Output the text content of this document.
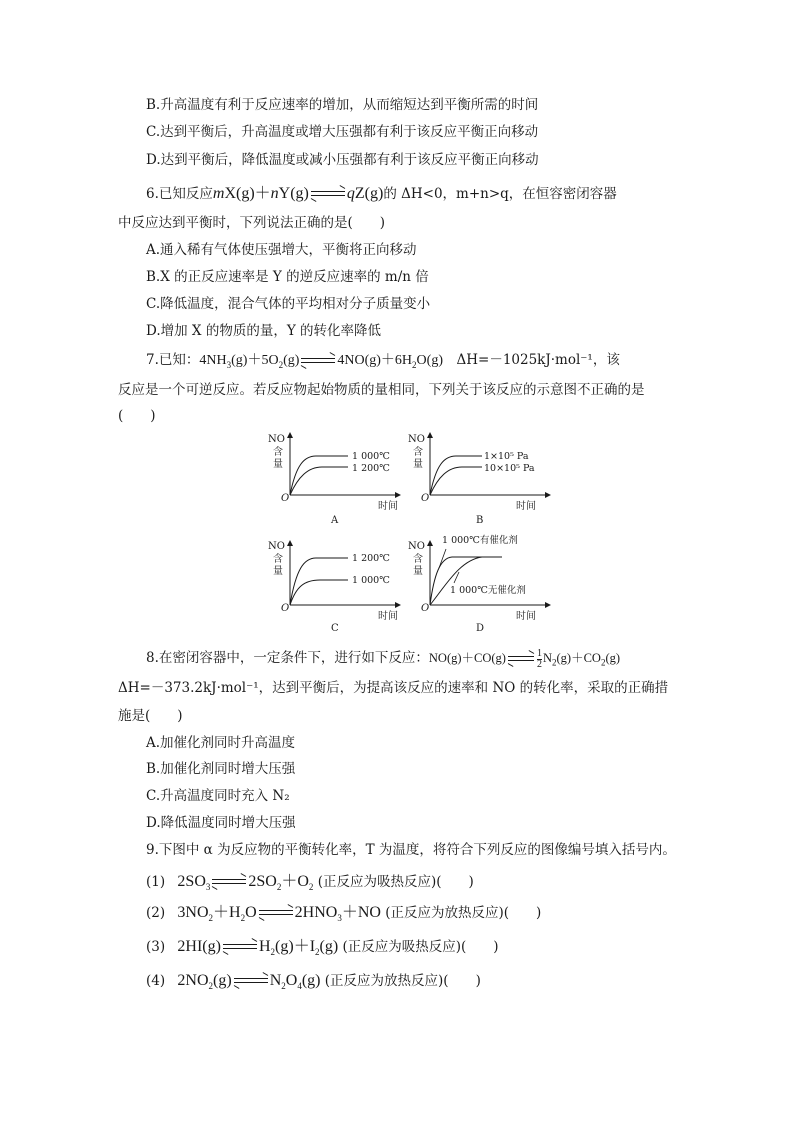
B.升高温度有利于反应速率的增加，从而缩短达到平衡所需的时间
C.达到平衡后，升高温度或增大压强都有利于该反应平衡正向移动
D.达到平衡后，降低温度或减小压强都有利于该反应平衡正向移动
6.已知反应mX(g)＋nY(g) qZ(g)的 ΔH<0，m+n>q，在恒容密闭容器
中反应达到平衡时，下列说法正确的是(　　)
A.通入稀有气体使压强增大，平衡将正向移动
B.X 的正反应速率是 Y 的逆反应速率的 m/n 倍
C.降低温度，混合气体的平均相对分子质量变小
D.增加 X 的物质的量，Y 的转化率降低
7.已知：$4NH_3(g)+5O_2(g)$	$4NO(g)+6H_2O(g)$　 ΔH=－1025kJ·mol⁻¹，该
反应是一个可逆反应。若反应物起始物质的量相同，下列关于该反应的示意图不正确的是
(　　)
NO
含
量
O
时间
1 000℃
1 200℃
A
NO
含
量
O
时间
1×10⁵ Pa
10×10⁵ Pa
B
NO
含
量
O
时间
1 200℃
1 000℃
C
NO
含
量
O
时间
1 000℃有催化剂
1 000℃无催化剂
D
8.在密闭容器中，一定条件下，进行如下反应：NO(g)＋CO(g)	$\frac{1}{2} N_2(g)+CO_2(g)$
ΔH=－373.2kJ·mol⁻¹，达到平衡后，为提高该反应的速率和 NO 的转化率，采取的正确措
施是(　　)
A.加催化剂同时升高温度
B.加催化剂同时增大压强
C.升高温度同时充入 N₂
D.降低温度同时增大压强
9.下图中 α 为反应物的平衡转化率，T 为温度，将符合下列反应的图像编号填入括号内。
(1) $2SO_3$ $2SO_2+O_2$ (正反应为吸热反应)(　　)
(2) $3NO_2+H_2O$ $2HNO_3+NO$ (正反应为放热反应)(　　)
(3) 2HI(g) $H_2(g)+I_2(g)$ (正反应为吸热反应)(　　)
(4) $2NO_2(g)$ $N_2O_4(g)$ (正反应为放热反应)(　　)
